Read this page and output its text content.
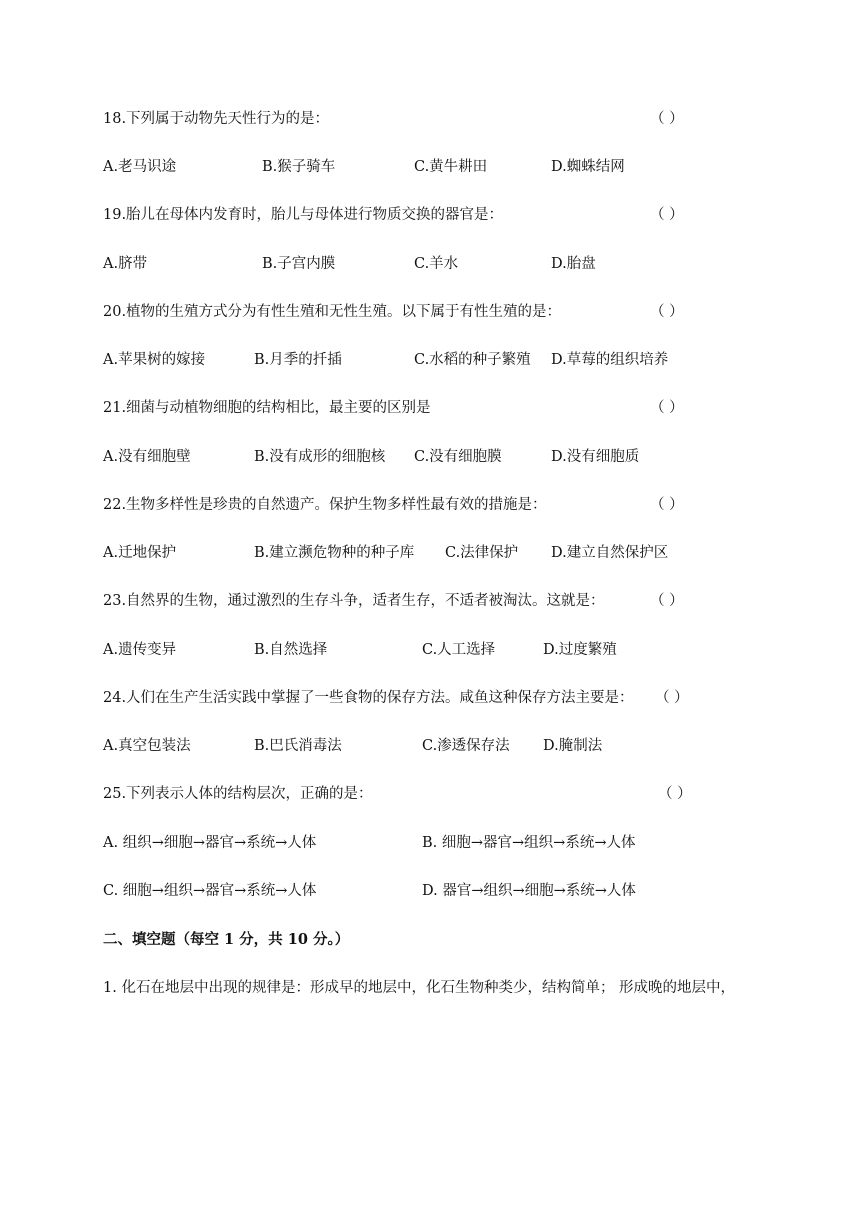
18.下列属于动物先天性行为的是：	（ ）
A.老马识途	B.猴子骑车	C.黄牛耕田	D.蜘蛛结网
19.胎儿在母体内发育时，胎儿与母体进行物质交换的器官是：	（ ）
A.脐带	B.子宫内膜	C.羊水	D.胎盘
20.植物的生殖方式分为有性生殖和无性生殖。以下属于有性生殖的是：	（ ）
A.苹果树的嫁接	B.月季的扦插	C.水稻的种子繁殖 D.草莓的组织培养
21.细菌与动植物细胞的结构相比，最主要的区别是	（ ）
A.没有细胞壁	B.没有成形的细胞核 C.没有细胞膜	D.没有细胞质
22.生物多样性是珍贵的自然遗产。保护生物多样性最有效的措施是：	（ ）
A.迁地保护	B.建立濒危物种的种子库 C.法律保护 D.建立自然保护区
23.自然界的生物，通过激烈的生存斗争，适者生存，不适者被淘汰。这就是：	（ ）
A.遗传变异	B.自然选择	C.人工选择	D.过度繁殖
24.人们在生产生活实践中掌握了一些食物的保存方法。咸鱼这种保存方法主要是： （ ）
A.真空包装法	B.巴氏消毒法	C.渗透保存法 D.腌制法
25.下列表示人体的结构层次，正确的是：	（ ）
A. 组织→细胞→器官→系统→人体	B. 细胞→器官→组织→系统→人体
C. 细胞→组织→器官→系统→人体	D. 器官→组织→细胞→系统→人体
二、填空题（每空 1 分，共 10 分。）
1. 化石在地层中出现的规律是：形成早的地层中，化石生物种类少，结构简单； 形成晚的地层中，
